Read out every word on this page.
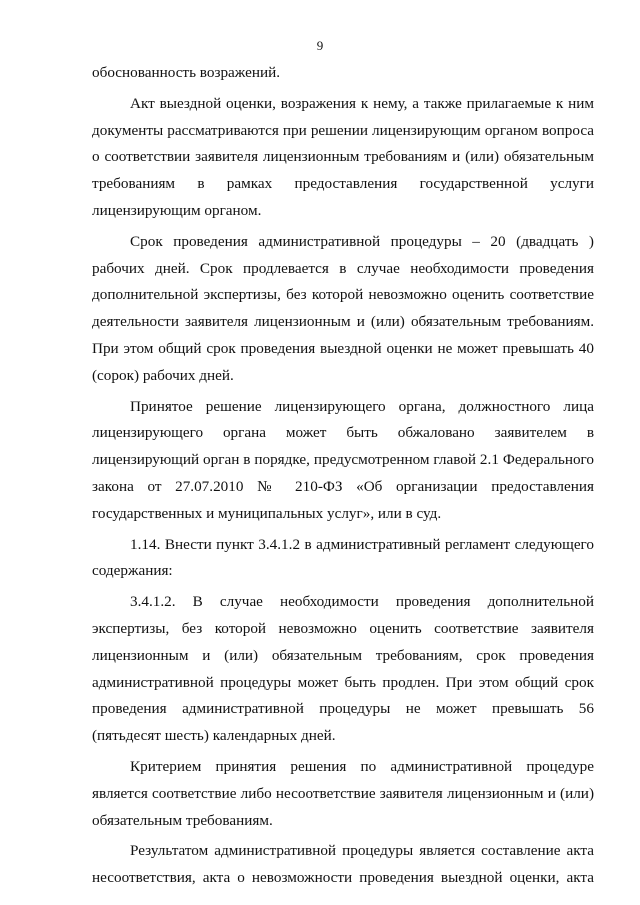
9

обоснованность возражений.

Акт выездной оценки, возражения к нему, а также прилагаемые к ним документы рассматриваются при решении лицензирующим органом вопроса о соответствии заявителя лицензионным требованиям и (или) обязательным требованиям в рамках предоставления государственной услуги лицензирующим органом.

Срок проведения административной процедуры – 20 (двадцать ) рабочих дней. Срок продлевается в случае необходимости проведения дополнительной экспертизы, без которой невозможно оценить соответствие деятельности заявителя лицензионным и (или) обязательным требованиям. При этом общий срок проведения выездной оценки не может превышать 40 (сорок) рабочих дней.

Принятое решение лицензирующего органа, должностного лица лицензирующего органа может быть обжаловано заявителем в лицензирующий орган в порядке, предусмотренном главой 2.1 Федерального закона от 27.07.2010 № 210-ФЗ «Об организации предоставления государственных и муниципальных услуг», или в суд.

1.14. Внести пункт 3.4.1.2 в административный регламент следующего содержания:

3.4.1.2. В случае необходимости проведения дополнительной экспертизы, без которой невозможно оценить соответствие заявителя лицензионным и (или) обязательным требованиям, срок проведения административной процедуры может быть продлен. При этом общий срок проведения административной процедуры не может превышать 56 (пятьдесят шесть) календарных дней.

Критерием принятия решения по административной процедуре является соответствие либо несоответствие заявителя лицензионным и (или) обязательным требованиям.

Результатом административной процедуры является составление акта несоответствия, акта о невозможности проведения выездной оценки, акта
